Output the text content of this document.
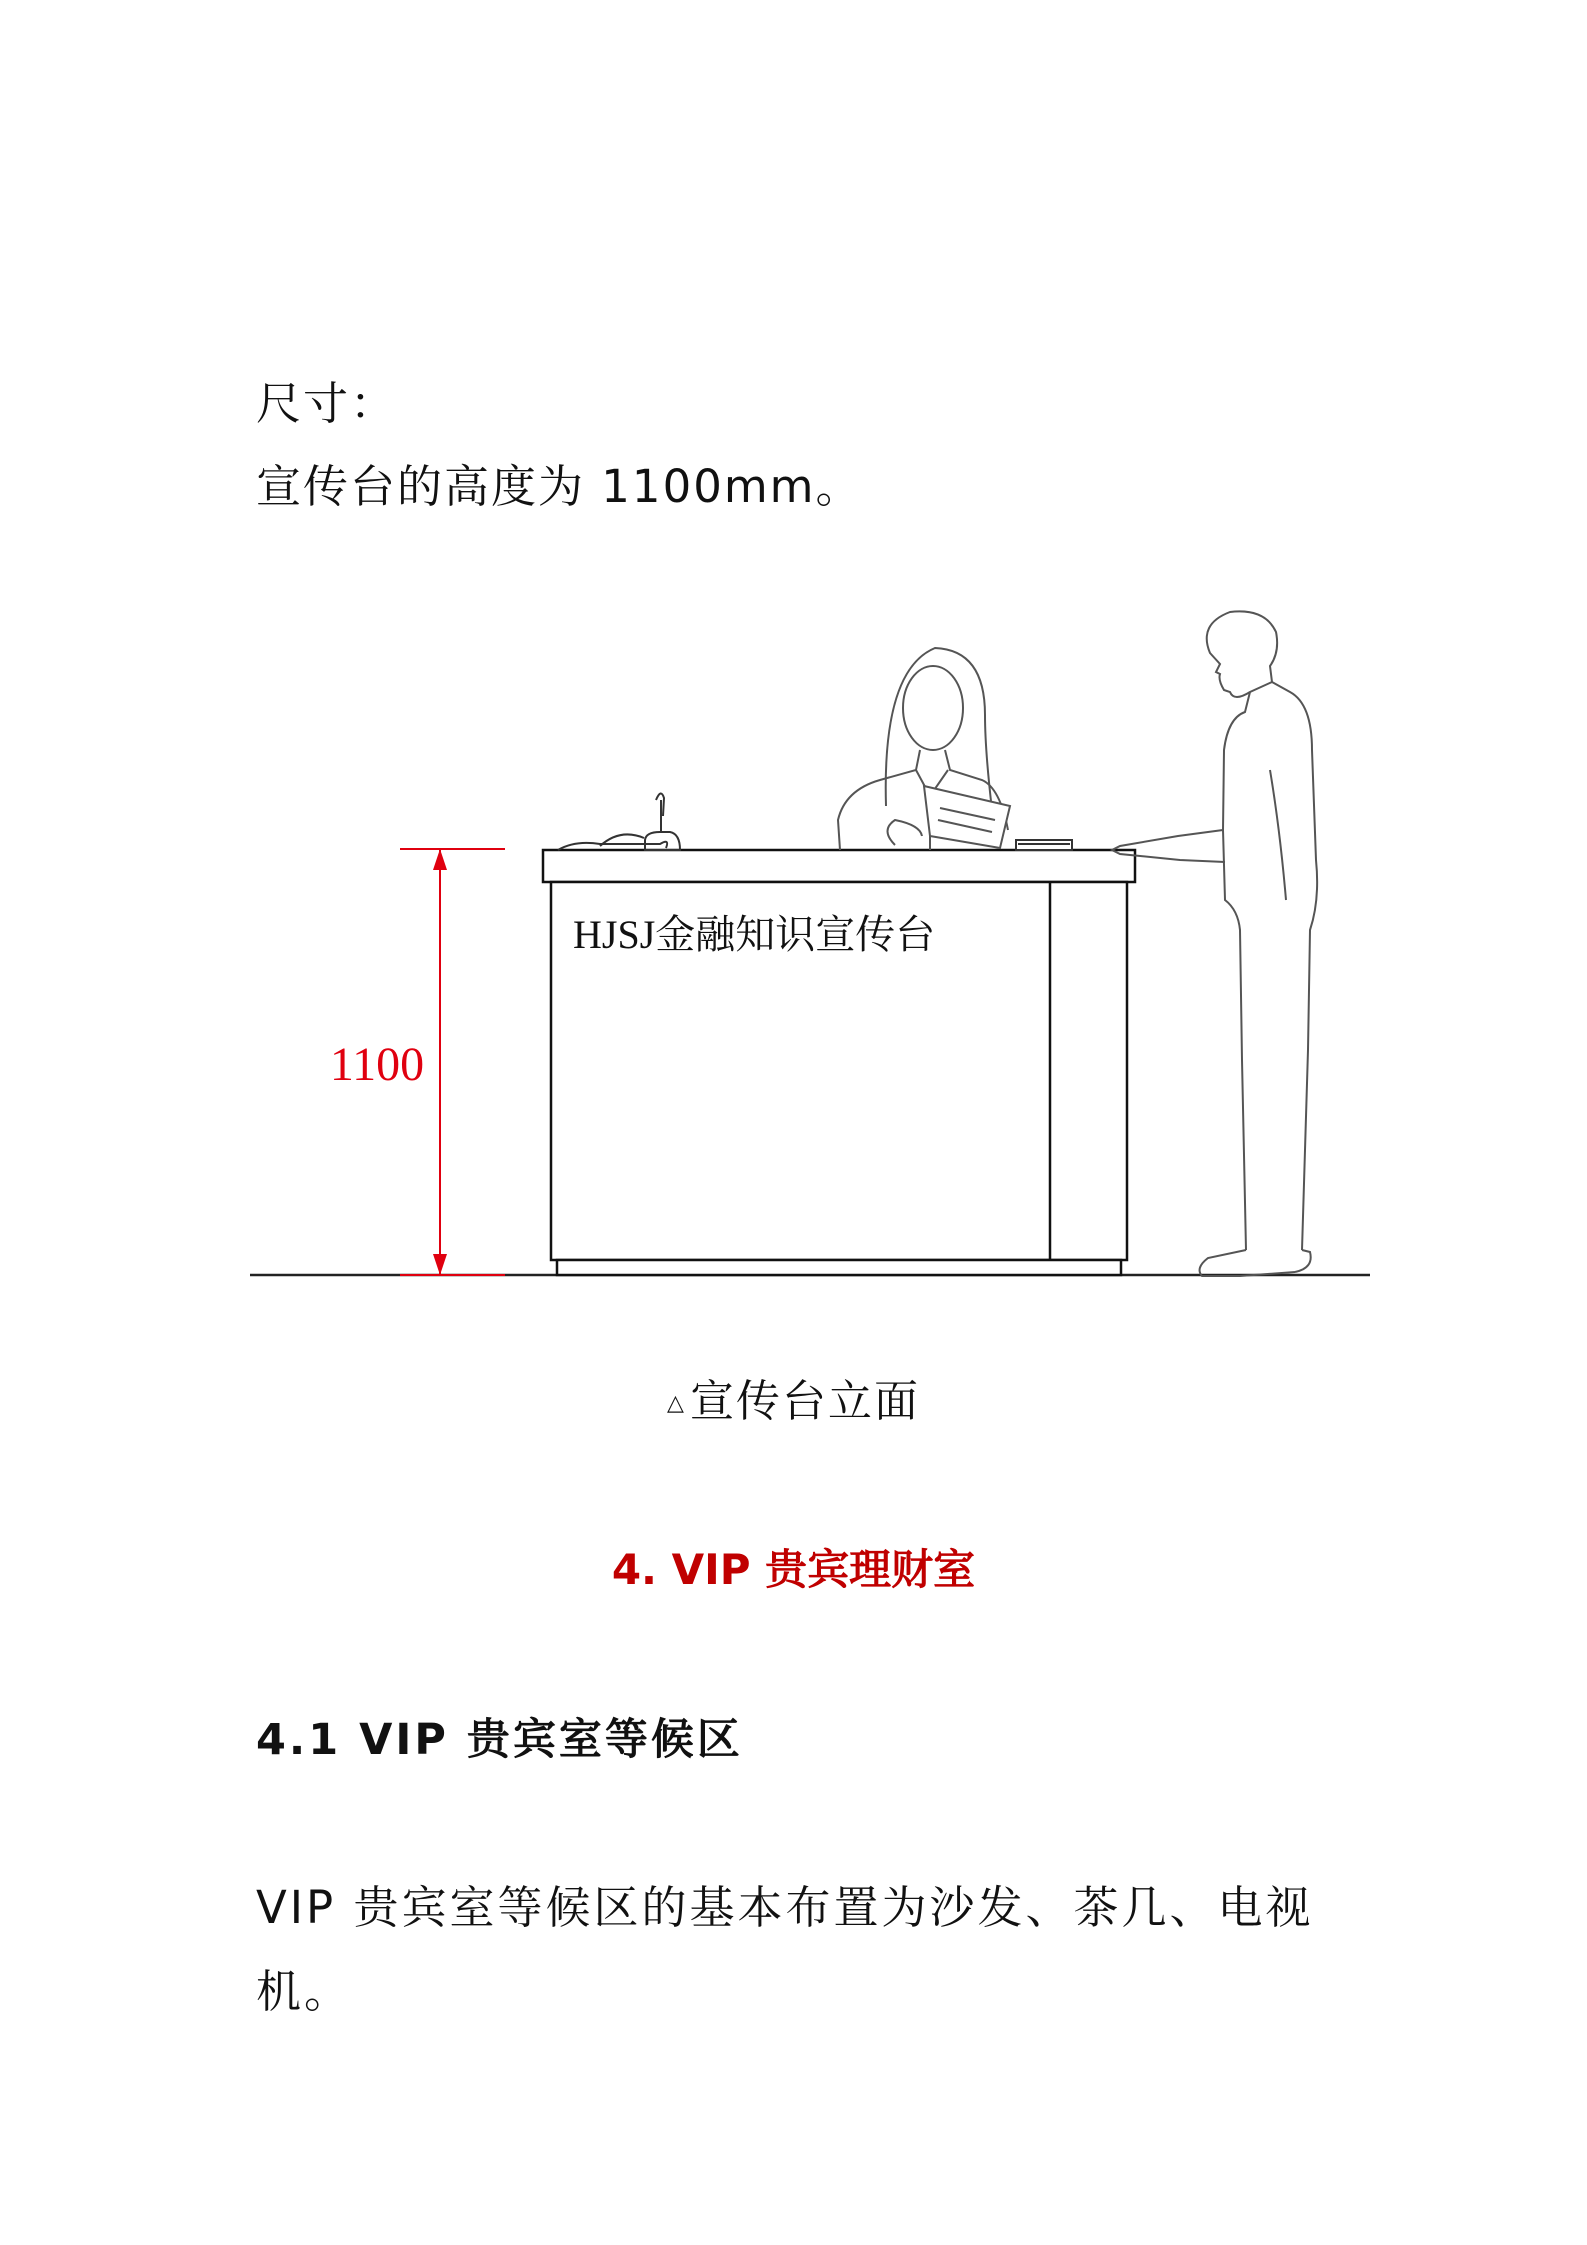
尺寸：
宣传台的高度为 1100mm。
1100
HJSJ金融知识宣传台
△宣传台立面
4. VIP 贵宾理财室
4.1 VIP 贵宾室等候区
VIP 贵宾室等候区的基本布置为沙发、茶几、电视机。
